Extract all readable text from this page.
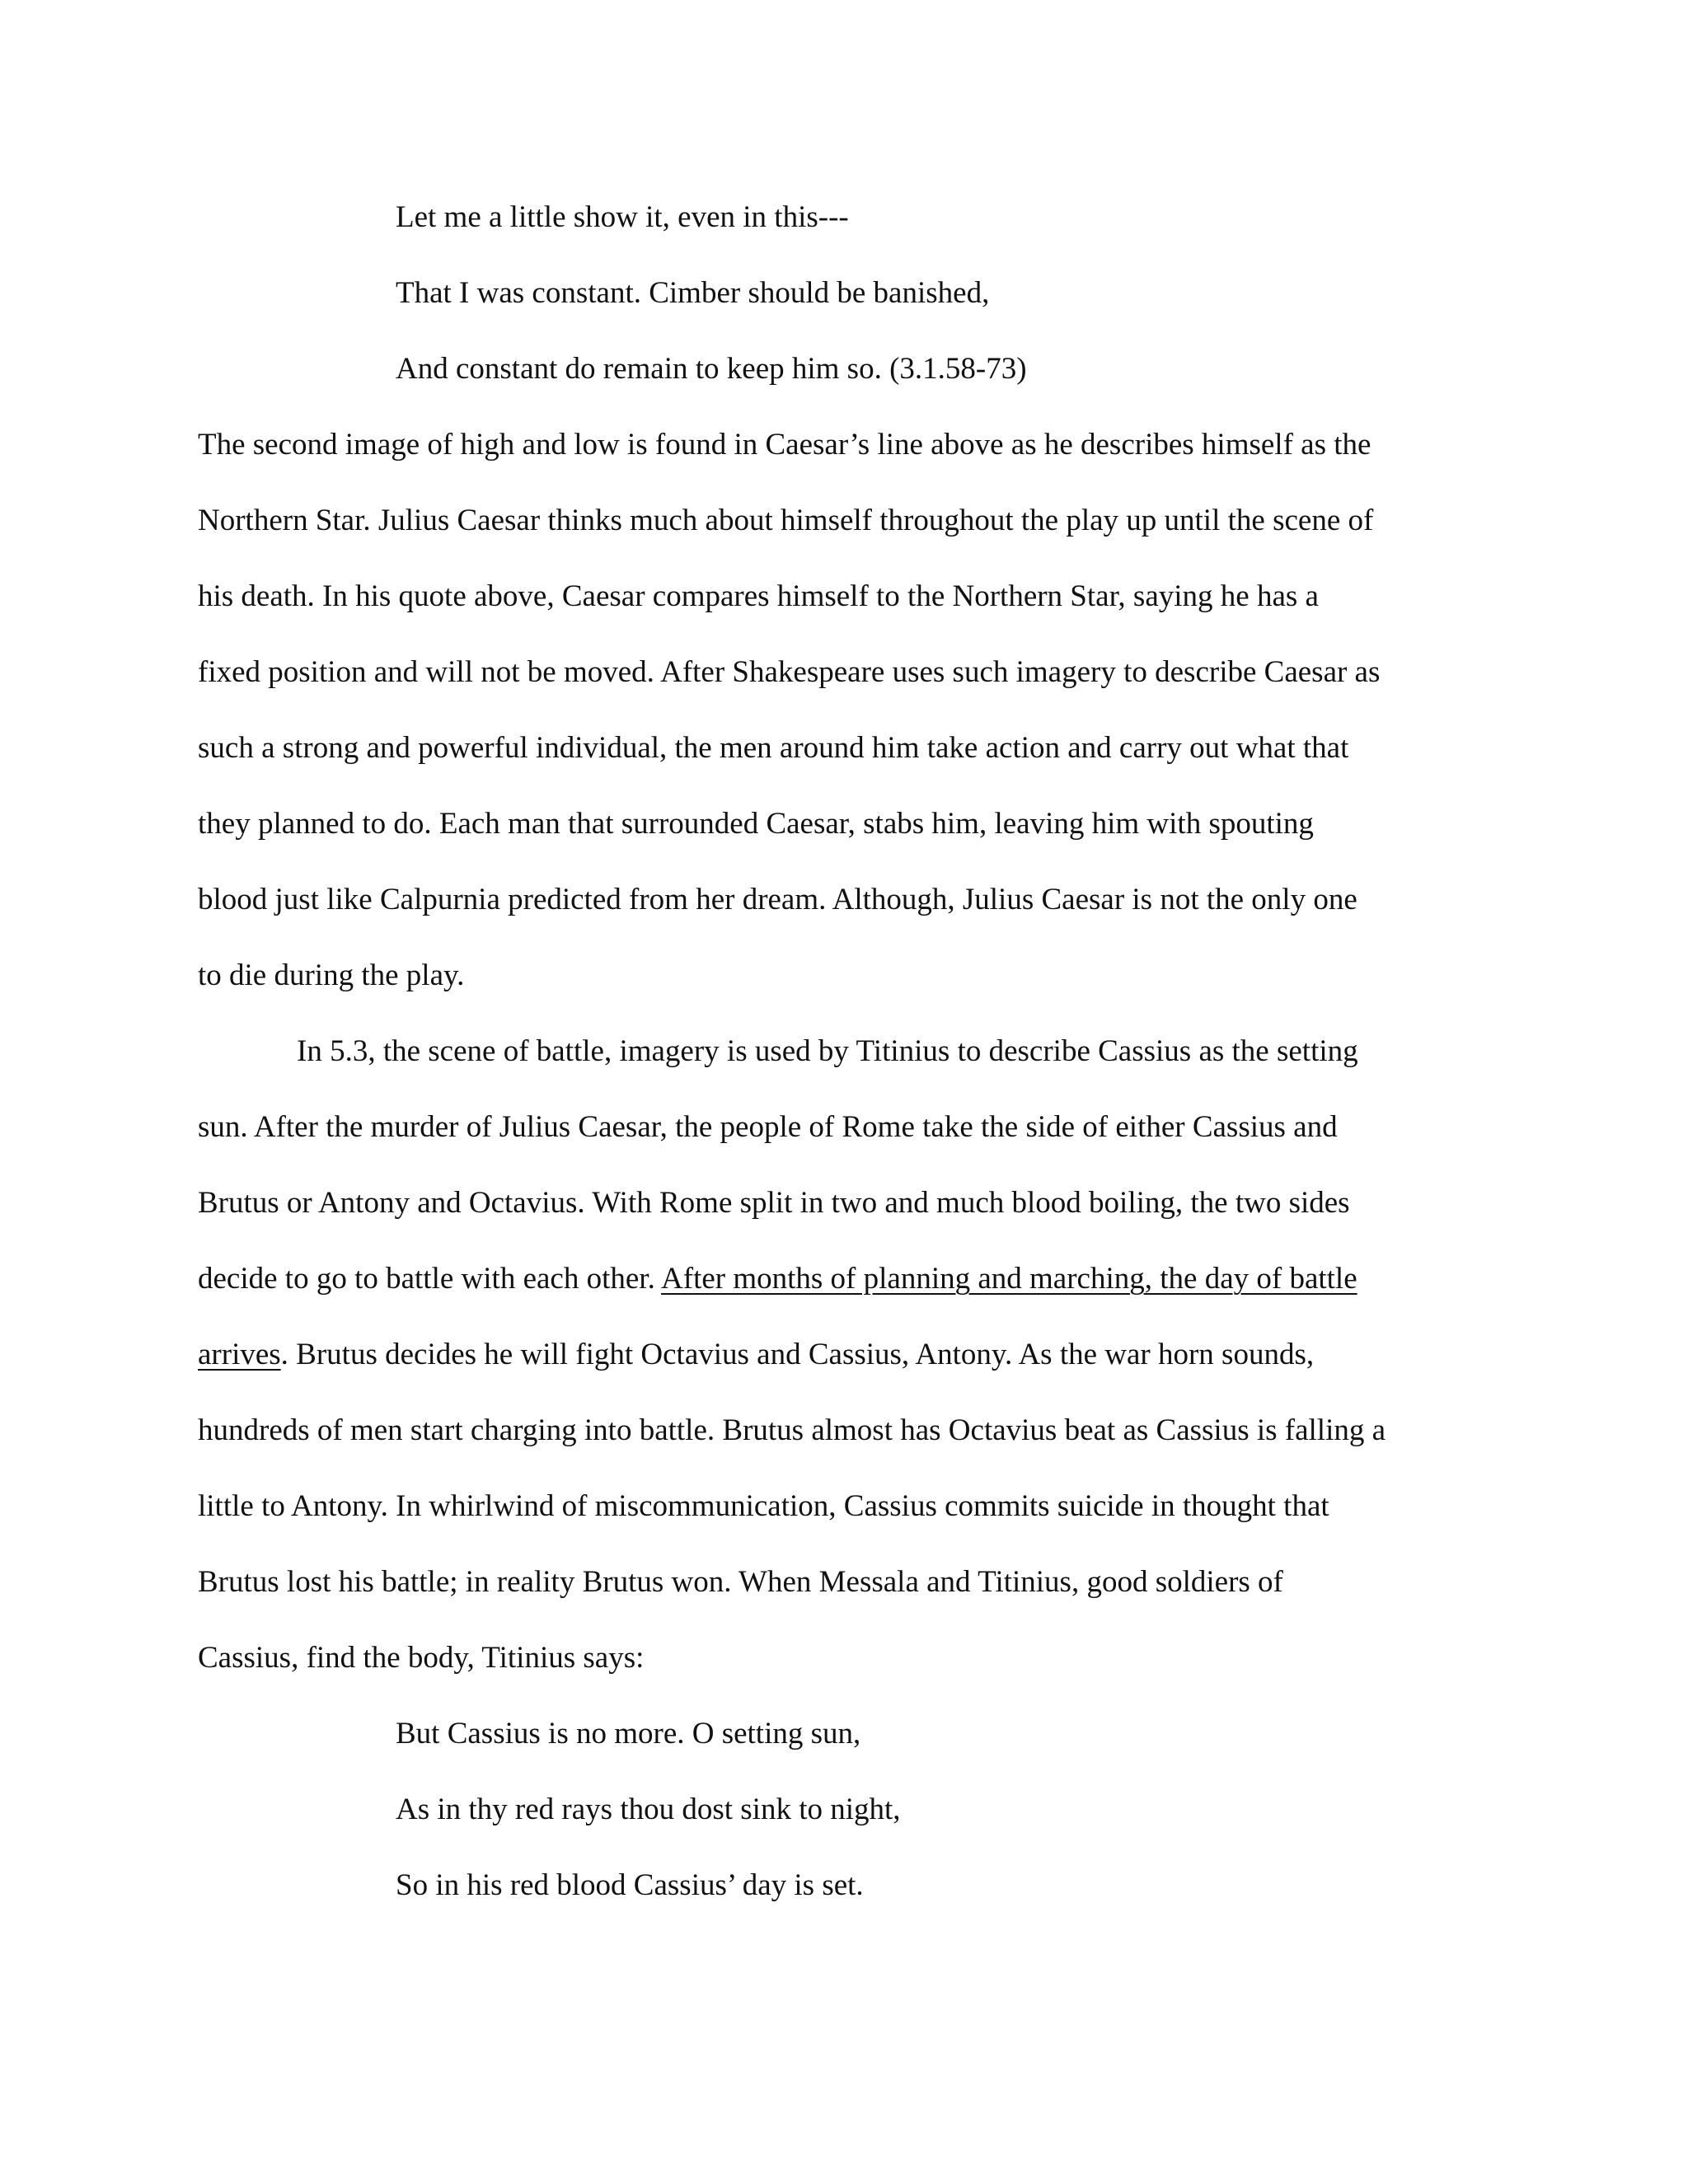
Let me a little show it, even in this---
That I was constant. Cimber should be banished,
And constant do remain to keep him so. (3.1.58-73)
The second image of high and low is found in Caesar’s line above as he describes himself as the
Northern Star. Julius Caesar thinks much about himself throughout the play up until the scene of
his death. In his quote above, Caesar compares himself to the Northern Star, saying he has a
fixed position and will not be moved. After Shakespeare uses such imagery to describe Caesar as
such a strong and powerful individual, the men around him take action and carry out what that
they planned to do. Each man that surrounded Caesar, stabs him, leaving him with spouting
blood just like Calpurnia predicted from her dream. Although, Julius Caesar is not the only one
to die during the play.
In 5.3, the scene of battle, imagery is used by Titinius to describe Cassius as the setting
sun. After the murder of Julius Caesar, the people of Rome take the side of either Cassius and
Brutus or Antony and Octavius. With Rome split in two and much blood boiling, the two sides
decide to go to battle with each other. After months of planning and marching, the day of battle
arrives. Brutus decides he will fight Octavius and Cassius, Antony. As the war horn sounds,
hundreds of men start charging into battle. Brutus almost has Octavius beat as Cassius is falling a
little to Antony. In whirlwind of miscommunication, Cassius commits suicide in thought that
Brutus lost his battle; in reality Brutus won. When Messala and Titinius, good soldiers of
Cassius, find the body, Titinius says:
But Cassius is no more. O setting sun,
As in thy red rays thou dost sink to night,
So in his red blood Cassius’ day is set.
